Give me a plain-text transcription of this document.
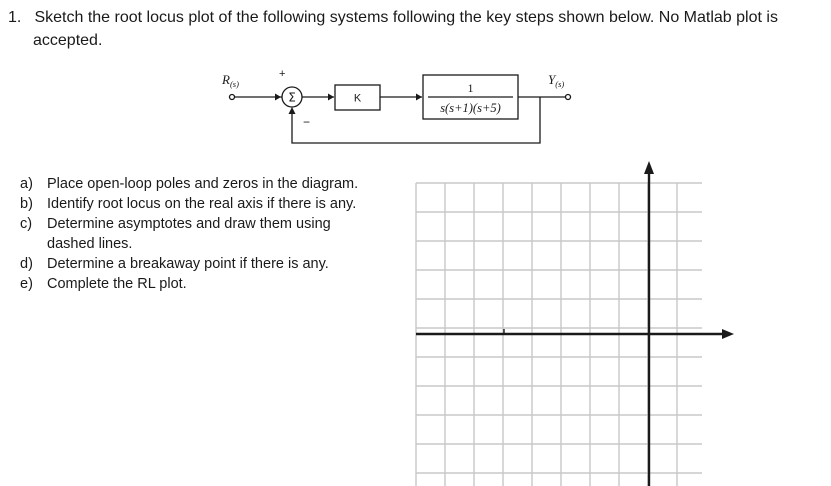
1. Sketch the root locus plot of the following systems following the key steps shown below. No Matlab plot is
accepted.
$R_{(s)}$
+
−
Σ	K
1
s(s+1)(s+5)
$Y_{(s)}$
a) Place open-loop poles and zeros in the diagram.
b) Identify root locus on the real axis if there is any.
c) Determine asymptotes and draw them using
dashed lines.
d) Determine a breakaway point if there is any.
e) Complete the RL plot.
